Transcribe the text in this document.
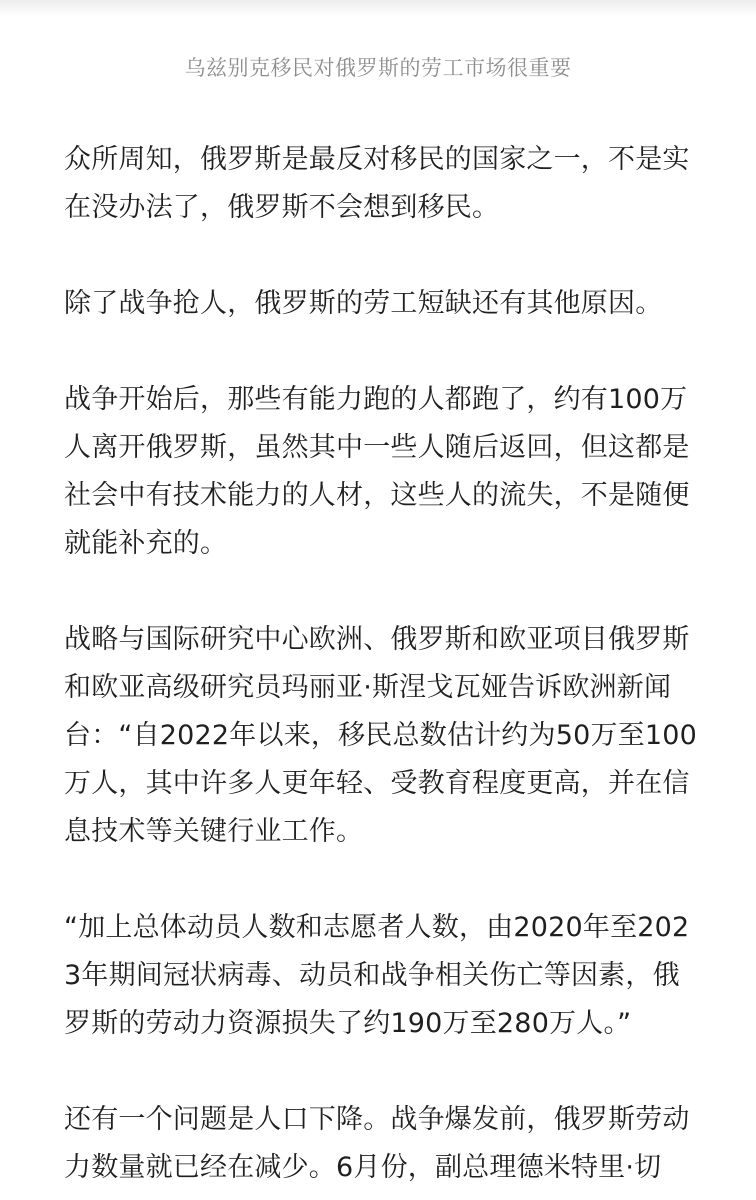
乌兹别克移民对俄罗斯的劳工市场很重要

众所周知，俄罗斯是最反对移民的国家之一，不是实在没办法了，俄罗斯不会想到移民。

除了战争抢人，俄罗斯的劳工短缺还有其他原因。

战争开始后，那些有能力跑的人都跑了，约有100万人离开俄罗斯，虽然其中一些人随后返回，但这都是社会中有技术能力的人材，这些人的流失，不是随便就能补充的。

战略与国际研究中心欧洲、俄罗斯和欧亚项目俄罗斯和欧亚高级研究员玛丽亚·斯涅戈瓦娅告诉欧洲新闻台：“自2022年以来，移民总数估计约为50万至100万人，其中许多人更年轻、受教育程度更高，并在信息技术等关键行业工作。

“加上总体动员人数和志愿者人数，由2020年至2023年期间冠状病毒、动员和战争相关伤亡等因素，俄罗斯的劳动力资源损失了约190万至280万人。”

还有一个问题是人口下降。战争爆发前，俄罗斯劳动力数量就已经在减少。6月份，副总理德米特里·切
